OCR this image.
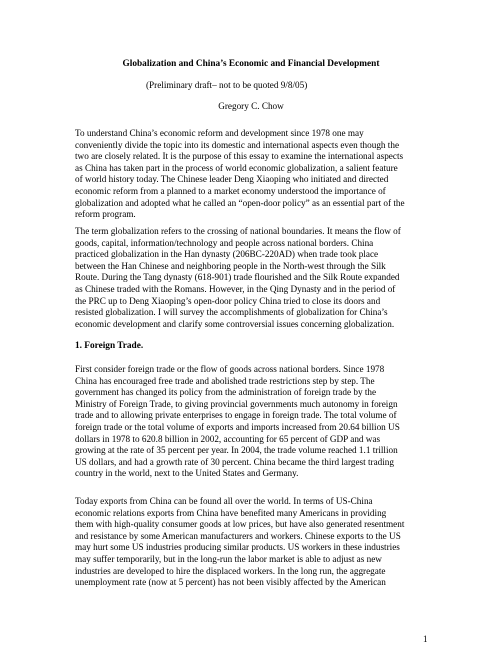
Globalization and China’s Economic and Financial Development
(Preliminary draft– not to be quoted 9/8/05)
Gregory C. Chow
To understand China’s economic reform and development since 1978 one may
conveniently divide the topic into its domestic and international aspects even though the
two are closely related. It is the purpose of this essay to examine the international aspects
as China has taken part in the process of world economic globalization, a salient feature
of world history today. The Chinese leader Deng Xiaoping who initiated and directed
economic reform from a planned to a market economy understood the importance of
globalization and adopted what he called an “open-door policy” as an essential part of the
reform program.
The term globalization refers to the crossing of national boundaries. It means the flow of
goods, capital, information/technology and people across national borders. China
practiced globalization in the Han dynasty (206BC-220AD) when trade took place
between the Han Chinese and neighboring people in the North-west through the Silk
Route. During the Tang dynasty (618-901) trade flourished and the Silk Route expanded
as Chinese traded with the Romans. However, in the Qing Dynasty and in the period of
the PRC up to Deng Xiaoping’s open-door policy China tried to close its doors and
resisted globalization. I will survey the accomplishments of globalization for China’s
economic development and clarify some controversial issues concerning globalization.
1. Foreign Trade.
First consider foreign trade or the flow of goods across national borders. Since 1978
China has encouraged free trade and abolished trade restrictions step by step. The
government has changed its policy from the administration of foreign trade by the
Ministry of Foreign Trade, to giving provincial governments much autonomy in foreign
trade and to allowing private enterprises to engage in foreign trade. The total volume of
foreign trade or the total volume of exports and imports increased from 20.64 billion US
dollars in 1978 to 620.8 billion in 2002, accounting for 65 percent of GDP and was
growing at the rate of 35 percent per year. In 2004, the trade volume reached 1.1 trillion
US dollars, and had a growth rate of 30 percent. China became the third largest trading
country in the world, next to the United States and Germany.
Today exports from China can be found all over the world. In terms of US-China
economic relations exports from China have benefited many Americans in providing
them with high-quality consumer goods at low prices, but have also generated resentment
and resistance by some American manufacturers and workers. Chinese exports to the US
may hurt some US industries producing similar products. US workers in these industries
may suffer temporarily, but in the long-run the labor market is able to adjust as new
industries are developed to hire the displaced workers. In the long run, the aggregate
unemployment rate (now at 5 percent) has not been visibly affected by the American
1
